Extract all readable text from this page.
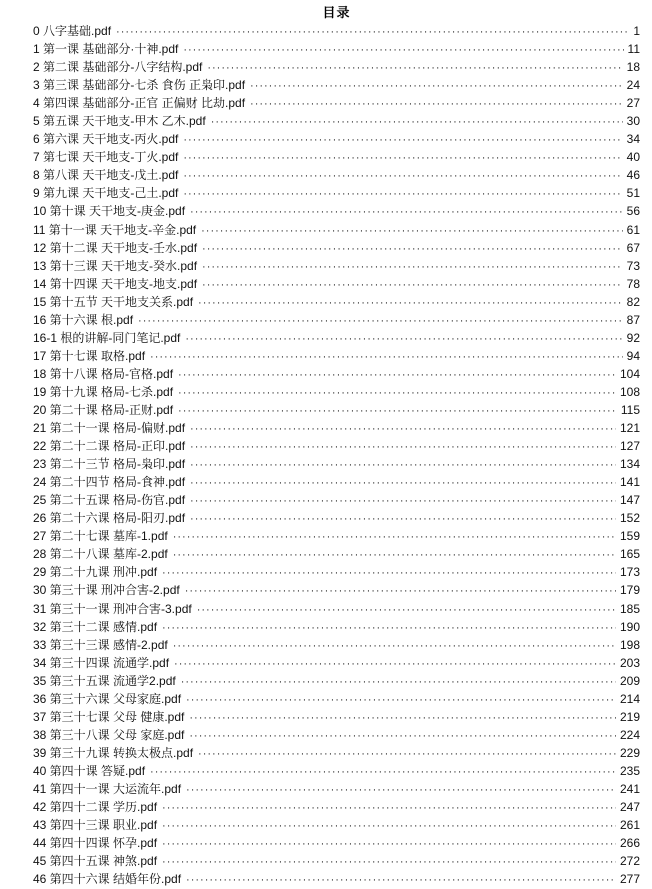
目录
0 八字基础.pdf ·····	1
1 第一课 基础部分·十神.pdf ·····	11
2 第二课 基础部分-八字结构.pdf ·····	18
3 第三课 基础部分-七杀 食伤 正枭印.pdf ·····	24
4 第四课 基础部分-正官 正偏财 比劫.pdf ·····	27
5 第五课 天干地支-甲木 乙木.pdf ·····	30
6 第六课 天干地支-丙火.pdf ·····	34
7 第七课 天干地支-丁火.pdf ·····	40
8 第八课 天干地支-戊土.pdf ·····	46
9 第九课 天干地支-己土.pdf ·····	51
10 第十课 天干地支-庚金.pdf ·····	56
11 第十一课 天干地支-辛金.pdf ·····	61
12 第十二课 天干地支-壬水.pdf ·····	67
13 第十三课 天干地支-癸水.pdf ·····	73
14 第十四课 天干地支-地支.pdf ·····	78
15 第十五节 天干地支关系.pdf ·····	82
16 第十六课 根.pdf ·····	87
16-1 根的讲解-同门笔记.pdf ·····	92
17 第十七课 取格.pdf ·····	94
18 第十八课 格局-官格.pdf ·····	104
19 第十九课 格局-七杀.pdf ·····	108
20 第二十课 格局-正财.pdf ·····	115
21 第二十一课 格局-偏财.pdf ·····	121
22 第二十二课 格局-正印.pdf ·····	127
23 第二十三节 格局-枭印.pdf ·····	134
24 第二十四节 格局-食神.pdf ·····	141
25 第二十五课 格局-伤官.pdf ·····	147
26 第二十六课 格局-阳刃.pdf ·····	152
27 第二十七课 墓库-1.pdf ·····	159
28 第二十八课 墓库-2.pdf ·····	165
29 第二十九课 刑冲.pdf ·····	173
30 第三十课 刑冲合害-2.pdf ·····	179
31 第三十一课 刑冲合害-3.pdf ·····	185
32 第三十二课 感情.pdf ·····	190
33 第三十三课 感情-2.pdf ·····	198
34 第三十四课 流通学.pdf ·····	203
35 第三十五课 流通学2.pdf ·····	209
36 第三十六课 父母家庭.pdf ·····	214
37 第三十七课 父母 健康.pdf ·····	219
38 第三十八课 父母 家庭.pdf ·····	224
39 第三十九课 转换太极点.pdf ·····	229
40 第四十课 答疑.pdf ·····	235
41 第四十一课 大运流年.pdf ·····	241
42 第四十二课 学历.pdf ·····	247
43 第四十三课 职业.pdf ·····	261
44 第四十四课 怀孕.pdf ·····	266
45 第四十五课 神煞.pdf ·····	272
46 第四十六课 结婚年份.pdf ·····	277
